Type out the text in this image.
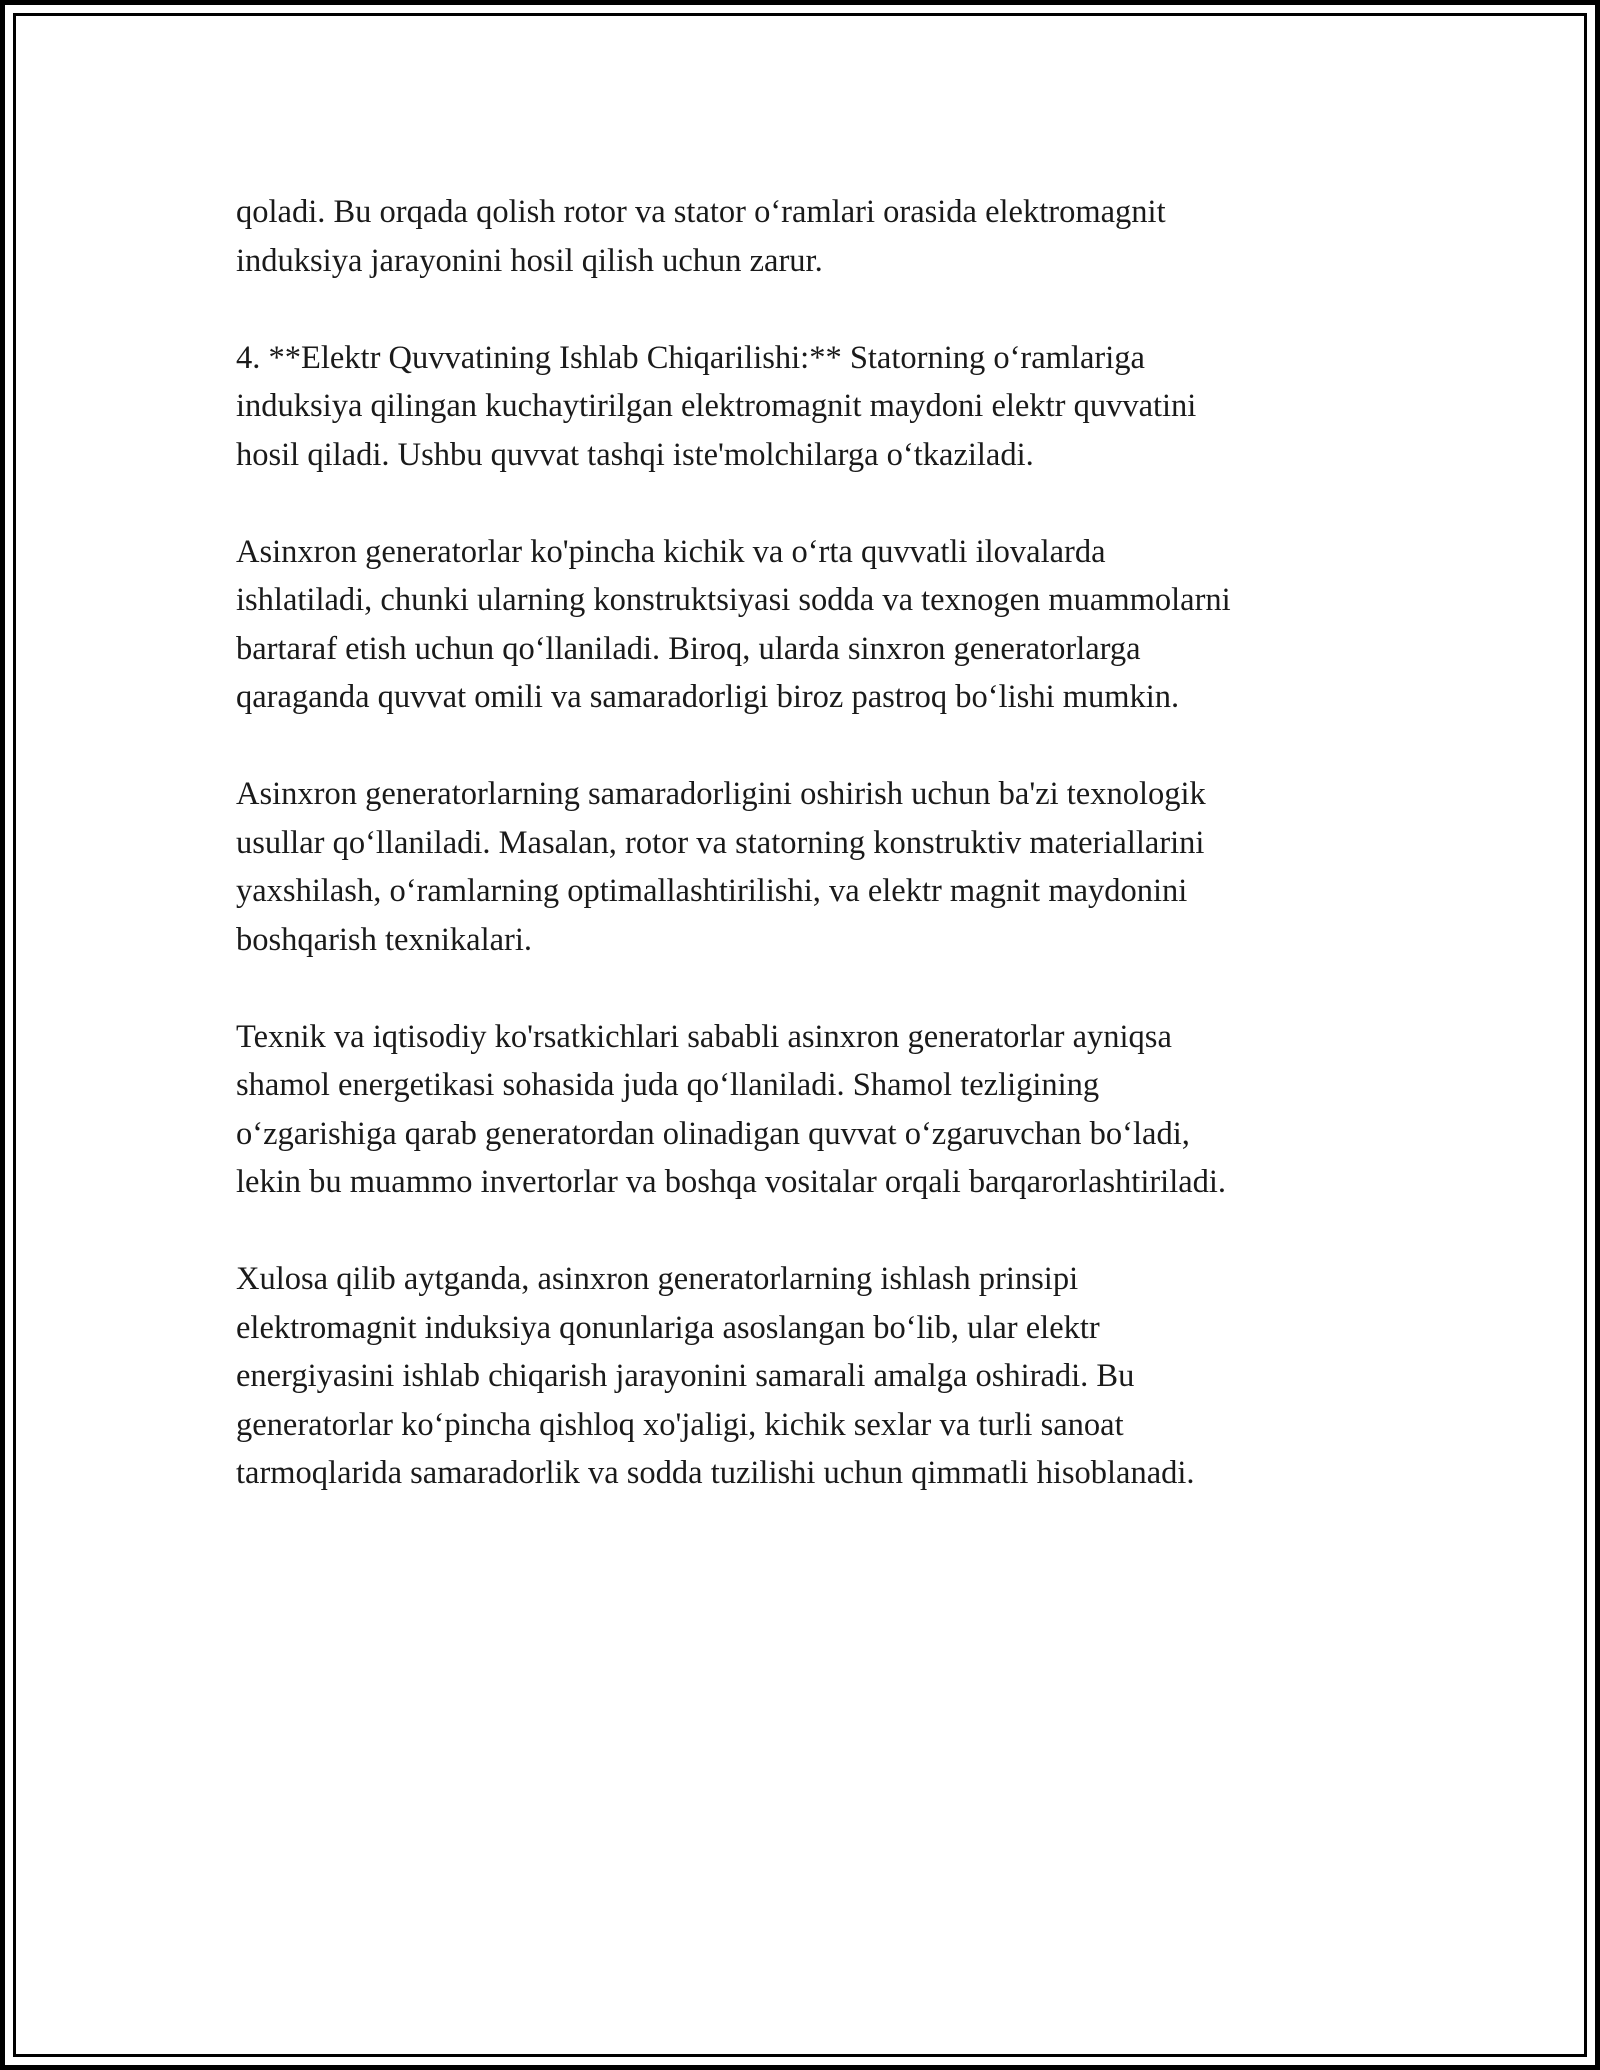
qoladi. Bu orqada qolish rotor va stator o‘ramlari orasida elektromagnit
induksiya jarayonini hosil qilish uchun zarur.

4. **Elektr Quvvatining Ishlab Chiqarilishi:** Statorning o‘ramlariga
induksiya qilingan kuchaytirilgan elektromagnit maydoni elektr quvvatini
hosil qiladi. Ushbu quvvat tashqi iste'molchilarga o‘tkaziladi.

Asinxron generatorlar ko'pincha kichik va o‘rta quvvatli ilovalarda
ishlatiladi, chunki ularning konstruktsiyasi sodda va texnogen muammolarni
bartaraf etish uchun qo‘llaniladi. Biroq, ularda sinxron generatorlarga
qaraganda quvvat omili va samaradorligi biroz pastroq bo‘lishi mumkin.

Asinxron generatorlarning samaradorligini oshirish uchun ba'zi texnologik
usullar qo‘llaniladi. Masalan, rotor va statorning konstruktiv materiallarini
yaxshilash, o‘ramlarning optimallashtirilishi, va elektr magnit maydonini
boshqarish texnikalari.

Texnik va iqtisodiy ko'rsatkichlari sababli asinxron generatorlar ayniqsa
shamol energetikasi sohasida juda qo‘llaniladi. Shamol tezligining
o‘zgarishiga qarab generatordan olinadigan quvvat o‘zgaruvchan bo‘ladi,
lekin bu muammo invertorlar va boshqa vositalar orqali barqarorlashtiriladi.

Xulosa qilib aytganda, asinxron generatorlarning ishlash prinsipi
elektromagnit induksiya qonunlariga asoslangan bo‘lib, ular elektr
energiyasini ishlab chiqarish jarayonini samarali amalga oshiradi. Bu
generatorlar ko‘pincha qishloq xo'jaligi, kichik sexlar va turli sanoat
tarmoqlarida samaradorlik va sodda tuzilishi uchun qimmatli hisoblanadi.
